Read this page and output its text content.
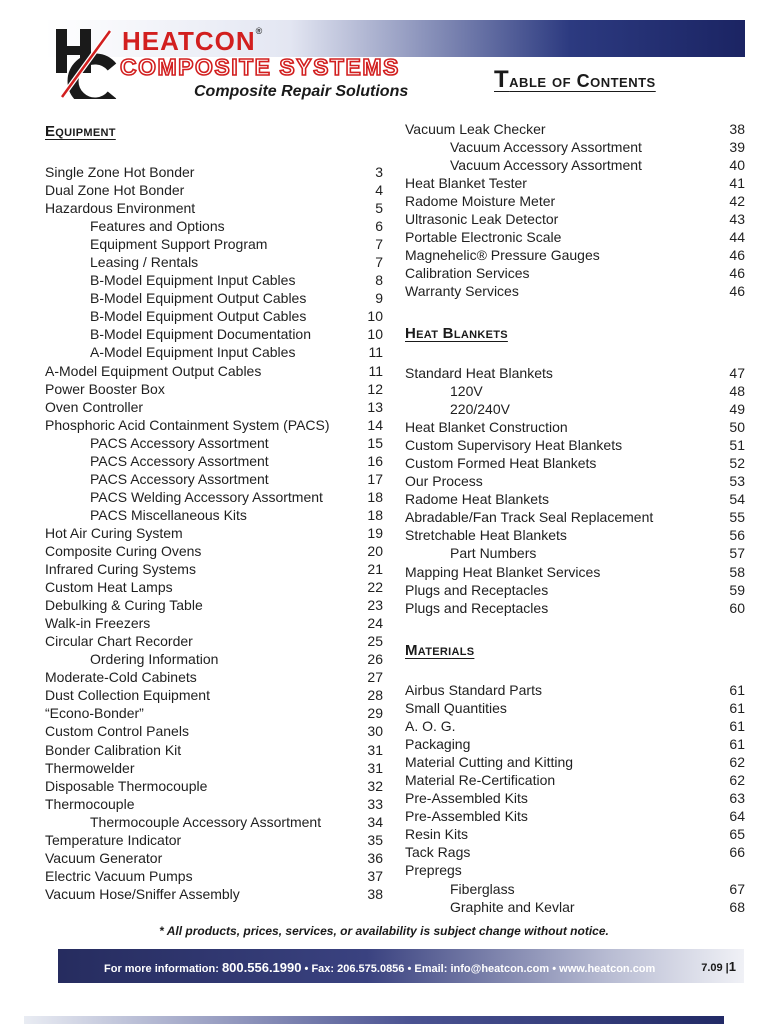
HEATCON®
COMPOSITE SYSTEMS
Composite Repair Solutions	Table of Contents
Equipment
Single Zone Hot Bonder	3
Dual Zone Hot Bonder	4
Hazardous Environment	5
Features and Options	6
Equipment Support Program	7
Leasing / Rentals	7
B-Model Equipment Input Cables	8
B-Model Equipment Output Cables	9
B-Model Equipment Output Cables	10
B-Model Equipment Documentation	10
A-Model Equipment Input Cables	11
A-Model Equipment Output Cables	11
Power Booster Box	12
Oven Controller	13
Phosphoric Acid Containment System (PACS)	14
PACS Accessory Assortment	15
PACS Accessory Assortment	16
PACS Accessory Assortment	17
PACS Welding Accessory Assortment	18
PACS Miscellaneous Kits	18
Hot Air Curing System	19
Composite Curing Ovens	20
Infrared Curing Systems	21
Custom Heat Lamps	22
Debulking & Curing Table	23
Walk-in Freezers	24
Circular Chart Recorder	25
Ordering Information	26
Moderate-Cold Cabinets	27
Dust Collection Equipment	28
“Econo-Bonder”	29
Custom Control Panels	30
Bonder Calibration Kit	31
Thermowelder	31
Disposable Thermocouple	32
Thermocouple	33
Thermocouple Accessory Assortment	34
Temperature Indicator	35
Vacuum Generator	36
Electric Vacuum Pumps	37
Vacuum Hose/Sniffer Assembly	38
Vacuum Leak Checker	38
Vacuum Accessory Assortment	39
Vacuum Accessory Assortment	40
Heat Blanket Tester	41
Radome Moisture Meter	42
Ultrasonic Leak Detector	43
Portable Electronic Scale	44
Magnehelic® Pressure Gauges	46
Calibration Services	46
Warranty Services	46
Heat Blankets
Standard Heat Blankets	47
120V	48
220/240V	49
Heat Blanket Construction	50
Custom Supervisory Heat Blankets	51
Custom Formed Heat Blankets	52
Our Process	53
Radome Heat Blankets	54
Abradable/Fan Track Seal Replacement	55
Stretchable Heat Blankets	56
Part Numbers	57
Mapping Heat Blanket Services	58
Plugs and Receptacles	59
Plugs and Receptacles	60
Materials
Airbus Standard Parts	61
Small Quantities	61
A. O. G.	61
Packaging	61
Material Cutting and Kitting	62
Material Re-Certification	62
Pre-Assembled Kits	63
Pre-Assembled Kits	64
Resin Kits	65
Tack Rags	66
Prepregs
Fiberglass	67
Graphite and Kevlar	68
* All products, prices, services, or availability is subject change without notice.
For more information: 800.556.1990 • Fax: 206.575.0856 • Email: info@heatcon.com • www.heatcon.com	7.09 |1
